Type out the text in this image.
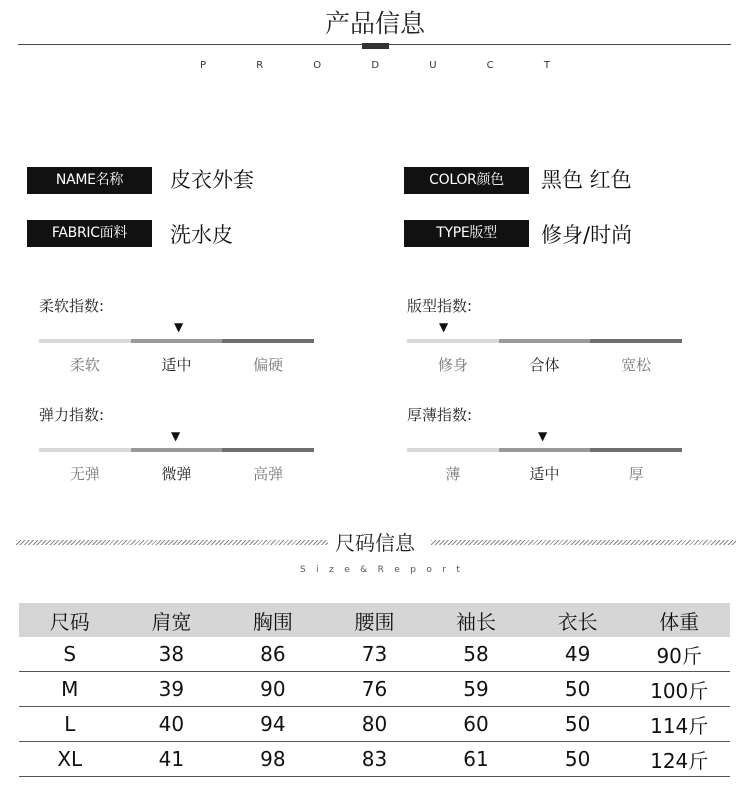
产品信息
P	R	O	D	U	C	T
NAME名称	皮衣外套	COLOR颜色	黑色 红色
FABRIC面料	洗水皮	TYPE版型	修身/时尚
柔软指数:
▼
柔软	适中	偏硬
版型指数:
▼
修身	合体	宽松
弹力指数:
▼
无弹	微弹	高弹
厚薄指数:
▼
薄	适中	厚
尺码信息
S i z e & R e p o r t
尺码	肩宽	胸围	腰围	袖长	衣长	体重
S	38	86	73	58	49	90斤
M	39	90	76	59	50	100斤
L	40	94	80	60	50	114斤
XL	41	98	83	61	50	124斤
